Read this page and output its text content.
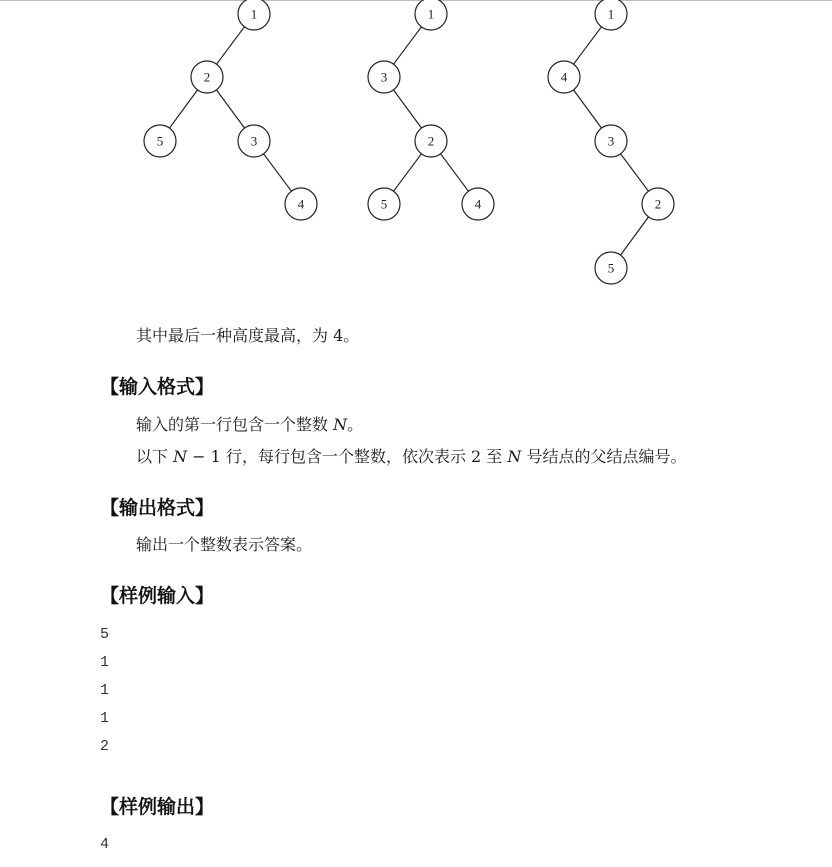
1
2
5	3
4
1
3
2
5	4
1
4
3
2
5
其中最后一种高度最高，为 4。
【输入格式】
输入的第一行包含一个整数 N。
以下 N − 1 行，每行包含一个整数，依次表示 2 至 N 号结点的父结点编号。
【输出格式】
输出一个整数表示答案。
【样例输入】
5
1
1
1
2
【样例输出】
4
